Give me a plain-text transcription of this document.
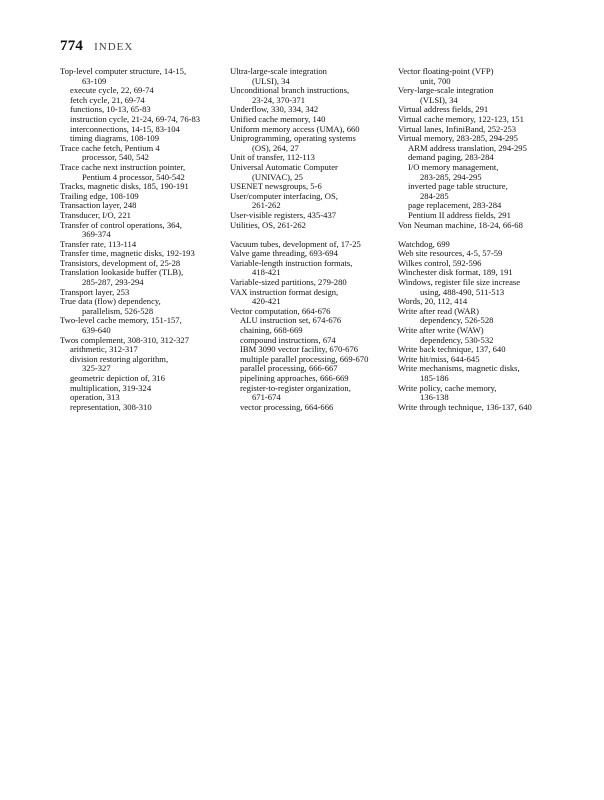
774 INDEX
Top-level computer structure, 14-15,
63-109
execute cycle, 22, 69-74
fetch cycle, 21, 69-74
functions, 10-13, 65-83
instruction cycle, 21-24, 69-74, 76-83
interconnections, 14-15, 83-104
timing diagrams, 108-109
Trace cache fetch, Pentium 4
processor, 540, 542
Trace cache next instruction pointer,
Pentium 4 processor, 540-542
Tracks, magnetic disks, 185, 190-191
Trailing edge, 108-109
Transaction layer, 248
Transducer, I/O, 221
Transfer of control operations, 364,
369-374
Transfer rate, 113-114
Transfer time, magnetic disks, 192-193
Transistors, development of, 25-28
Translation lookaside buffer (TLB),
285-287, 293-294
Transport layer, 253
True data (flow) dependency,
parallelism, 526-528
Two-level cache memory, 151-157,
639-640
Twos complement, 308-310, 312-327
arithmetic, 312-317
division restoring algorithm,
325-327
geometric depiction of, 316
multiplication, 319-324
operation, 313
representation, 308-310
Ultra-large-scale integration
(ULSI), 34
Unconditional branch instructions,
23-24, 370-371
Underflow, 330, 334, 342
Unified cache memory, 140
Uniform memory access (UMA), 660
Uniprogramming, operating systems
(OS), 264, 27
Unit of transfer, 112-113
Universal Automatic Computer
(UNIVAC), 25
USENET newsgroups, 5-6
User/computer interfacing, OS,
261-262
User-visible registers, 435-437
Utilities, OS, 261-262
Vacuum tubes, development of, 17-25
Valve game threading, 693-694
Variable-length instruction formats,
418-421
Variable-sized partitions, 279-280
VAX instruction format design,
420-421
Vector computation, 664-676
ALU instruction set, 674-676
chaining, 668-669
compound instructions, 674
IBM 3090 vector facility, 670-676
multiple parallel processing, 669-670
parallel processing, 666-667
pipelining approaches, 666-669
register-to-register organization,
671-674
vector processing, 664-666
Vector floating-point (VFP)
unit, 700
Very-large-scale integration
(VLSI), 34
Virtual address fields, 291
Virtual cache memory, 122-123, 151
Virtual lanes, InfiniBand, 252-253
Virtual memory, 283-285, 294-295
ARM address translation, 294-295
demand paging, 283-284
I/O memory management,
283-285, 294-295
inverted page table structure,
284-285
page replacement, 283-284
Pentium II address fields, 291
Von Neuman machine, 18-24, 66-68
Watchdog, 699
Web site resources, 4-5, 57-59
Wilkes control, 592-596
Winchester disk format, 189, 191
Windows, register file size increase
using, 488-490, 511-513
Words, 20, 112, 414
Write after read (WAR)
dependency, 526-528
Write after write (WAW)
dependency, 530-532
Write back technique, 137, 640
Write hit/miss, 644-645
Write mechanisms, magnetic disks,
185-186
Write policy, cache memory,
136-138
Write through technique, 136-137, 640
